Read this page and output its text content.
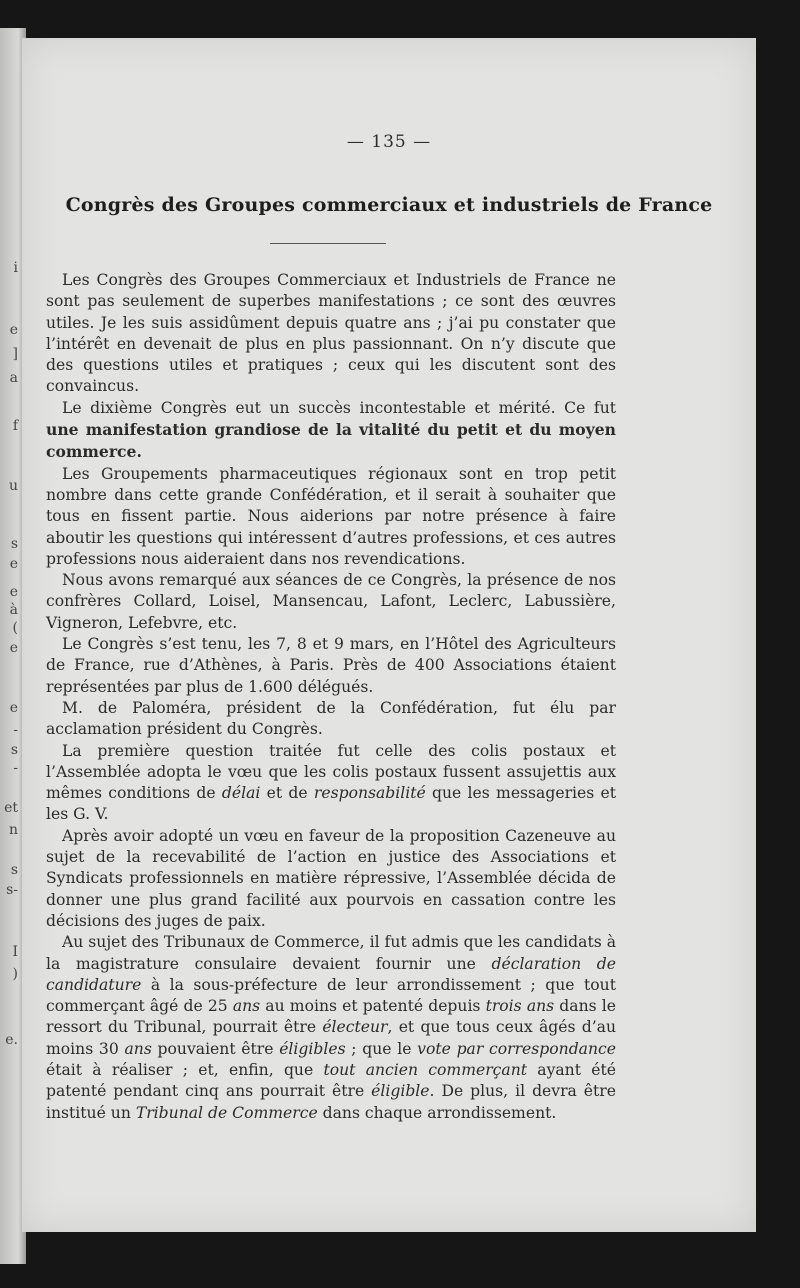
i
e
]
a
f
u
s
e
e
à
(
e
e
-
s
-
et
n
s
s-
I
)
e.
— 135 —
Congrès des Groupes commerciaux et industriels de France

Les Congrès des Groupes Commerciaux et Industriels de France ne sont pas seulement de superbes manifestations ; ce sont des œuvres utiles. Je les suis assidûment depuis quatre ans ; j’ai pu constater que l’intérêt en devenait de plus en plus passionnant. On n’y discute que des questions utiles et pratiques ; ceux qui les discutent sont des convaincus.

Le dixième Congrès eut un succès incontestable et mérité. Ce fut une manifestation grandiose de la vitalité du petit et du moyen commerce.

Les Groupements pharmaceutiques régionaux sont en trop petit nombre dans cette grande Confédération, et il serait à souhaiter que tous en fissent partie. Nous aiderions par notre présence à faire aboutir les questions qui intéressent d’autres professions, et ces autres professions nous aideraient dans nos revendications.

Nous avons remarqué aux séances de ce Congrès, la présence de nos confrères Collard, Loisel, Mansencau, Lafont, Leclerc, Labussière, Vigneron, Lefebvre, etc.

Le Congrès s’est tenu, les 7, 8 et 9 mars, en l’Hôtel des Agriculteurs de France, rue d’Athènes, à Paris. Près de 400 Associations étaient représentées par plus de 1.600 délégués.

M. de Paloméra, président de la Confédération, fut élu par acclamation président du Congrès.

La première question traitée fut celle des colis postaux et l’Assemblée adopta le vœu que les colis postaux fussent assujettis aux mêmes conditions de délai et de responsabilité que les messageries et les G. V.

Après avoir adopté un vœu en faveur de la proposition Cazeneuve au sujet de la recevabilité de l’action en justice des Associations et Syndicats professionnels en matière répressive, l’Assemblée décida de donner une plus grand facilité aux pourvois en cassation contre les décisions des juges de paix.

Au sujet des Tribunaux de Commerce, il fut admis que les candidats à la magistrature consulaire devaient fournir une déclaration de candidature à la sous-préfecture de leur arrondissement ; que tout commerçant âgé de 25 ans au moins et patenté depuis trois ans dans le ressort du Tribunal, pourrait être électeur, et que tous ceux âgés d’au moins 30 ans pouvaient être éligibles ; que le vote par correspondance était à réaliser ; et, enfin, que tout ancien commerçant ayant été patenté pendant cinq ans pourrait être éligible. De plus, il devra être institué un Tribunal de Commerce dans chaque arrondissement.
